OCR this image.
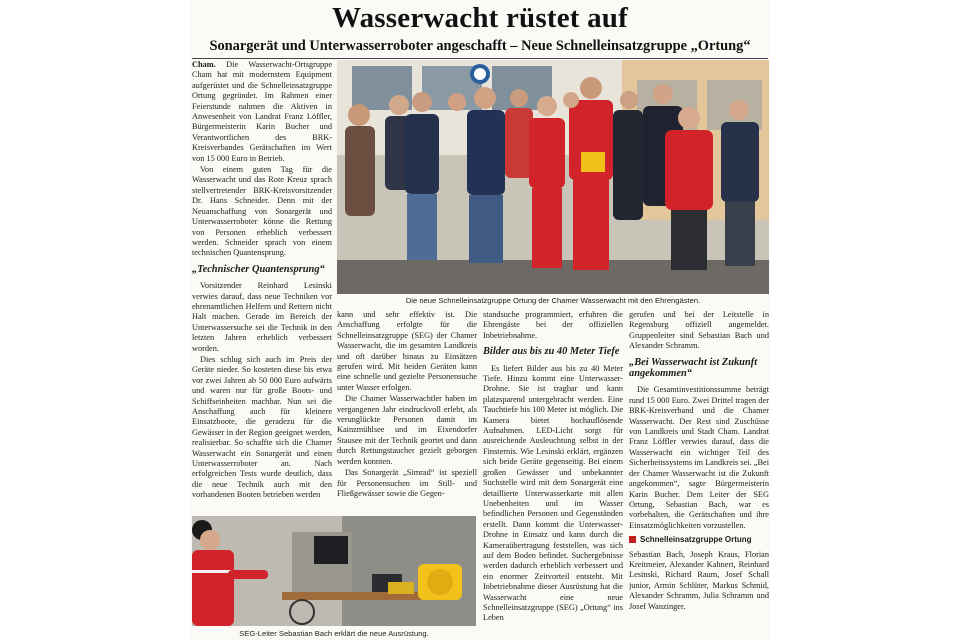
Wasserwacht rüstet auf
Sonargerät und Unterwasserroboter angeschafft – Neue Schnelleinsatzgruppe „Ortung“

Cham. Die Wasserwacht-Ortsgruppe Cham hat mit modernstem Equipment aufgerüstet und die Schnelleinsatzgruppe Ortung gegründet. Im Rahmen einer Feierstunde nahmen die Aktiven in Anwesenheit von Landrat Franz Löffler, Bürgermeisterin Karin Bucher und Verantwortlichen des BRK-Kreisverbandes Gerätschaften im Wert von 15 000 Euro in Betrieb.

Von einem guten Tag für die Wasserwacht und das Rote Kreuz sprach stellvertretender BRK-Kreisvorsitzender Dr. Hans Schneider. Denn mit der Neuanschaffung von Sonargerät und Unterwasserroboter könne die Rettung von Personen erheblich verbessert werden. Schneider sprach von einem technischen Quantensprung.

„Technischer Quantensprung“

Vorsitzender Reinhard Lesinski verwies darauf, dass neue Techniken vor ehrenamtlichen Helfern und Rettern nicht Halt machen. Gerade im Bereich der Unterwassersuche sei die Technik in den letzten Jahren erheblich verbessert worden.

Dies schlug sich auch im Preis der Geräte nieder. So kosteten diese bis etwa vor zwei Jahren ab 50 000 Euro aufwärts und waren nur für große Boots- und Schiffseinheiten machbar. Nun sei die Anschaffung auch für kleinere Einsatzboote, die geradezu für die Gewässer in der Region geeignet werden, realisierbar. So schaffte sich die Chamer Wasserwacht ein Sonargerät und einen Unterwasserroboter an. Nach erfolgreichen Tests wurde deutlich, dass die neue Technik auch mit den vorhandenen Booten betrieben werden

Die neue Schnelleinsatzgruppe Ortung der Chamer Wasserwacht mit den Ehrengästen.

kann und sehr effektiv ist. Die Anschaffung erfolgte für die Schnelleinsatzgruppe (SEG) der Chamer Wasserwacht, die im gesamten Landkreis und oft darüber hinaus zu Einsätzen gerufen wird. Mit beiden Geräten kann eine schnelle und gezielte Personensuche unter Wasser erfolgen.

Die Chamer Wasserwachtler haben im vergangenen Jahr eindruckvoll erlebt, als verunglückte Personen damit im Kainzmühlsee und im Eixendorfer Stausee mit der Technik geortet und dann durch Rettungstaucher gezielt geborgen werden konnten.

Das Sonargerät „Simrad“ ist speziell für Personensuchen im Still- und Fließgewässer sowie die Gegen-

standsuche programmiert, erfuhren die Ehrengäste bei der offiziellen Inbetriebnahme.

Bilder aus bis zu 40 Meter Tiefe

Es liefert Bilder aus bis zu 40 Meter Tiefe. Hinzu kommt eine Unterwasser-Drohne. Sie ist tragbar und kann platzsparend untergebracht werden. Eine Tauchtiefe bis 100 Meter ist möglich. Die Kamera bietet hochauflösende Aufnahmen. LED-Licht sorgt für ausreichende Ausleuchtung selbst in der Finsternis. Wie Lesinski erklärt, ergänzen sich beide Geräte gegenseitig. Bei einem großen Gewässer und unbekannter Suchstelle wird mit dem Sonargerät eine detaillierte Unterwasserkarte mit allen Unebenheiten und im Wasser befindlichen Personen und Gegenständen erstellt. Dann kommt die Unterwasser-Drohne in Einsatz und kann durch die Kameraübertragung feststellen, was sich auf dem Boden befindet. Suchergebnisse werden dadurch erheblich verbessert und ein enormer Zeitvorteil entsteht. Mit Inbetriebnahme dieser Ausrüstung hat die Wasserwacht eine neue Schnelleinsatzgruppe (SEG) „Ortung“ ins Leben

gerufen und bei der Leitstelle in Regensburg offiziell angemeldet. Gruppenleiter sind Sebastian Bach und Alexander Schramm.

„Bei Wasserwacht ist Zukunft angekommen“

Die Gesamtinvestitionssumme beträgt rund 15 000 Euro. Zwei Drittel tragen der BRK-Kreisverband und die Chamer Wasserwacht. Der Rest sind Zuschüsse von Landkreis und Stadt Cham. Landrat Franz Löffler verwies darauf, dass die Wasserwacht ein wichtiger Teil des Sicherheitssystems im Landkreis sei. „Bei der Chamer Wasserwacht ist die Zukunft angekommen“, sagte Bürgermeisterin Karin Bucher. Dem Leiter der SEG Ortung, Sebastian Bach, war es vorbehalten, die Gerätschaften und ihre Einsatzmöglichkeiten vorzustellen.

Schnelleinsatzgruppe Ortung

Sebastian Bach, Joseph Kraus, Florian Kreitmeier, Alexander Kahnert, Reinhard Lesinski, Richard Raum, Josef Schall junior, Armin Schlüter, Markus Schmid, Alexander Schramm, Julia Schramm und Josef Wanzinger.

SEG-Leiter Sebastian Bach erklärt die neue Ausrüstung.
